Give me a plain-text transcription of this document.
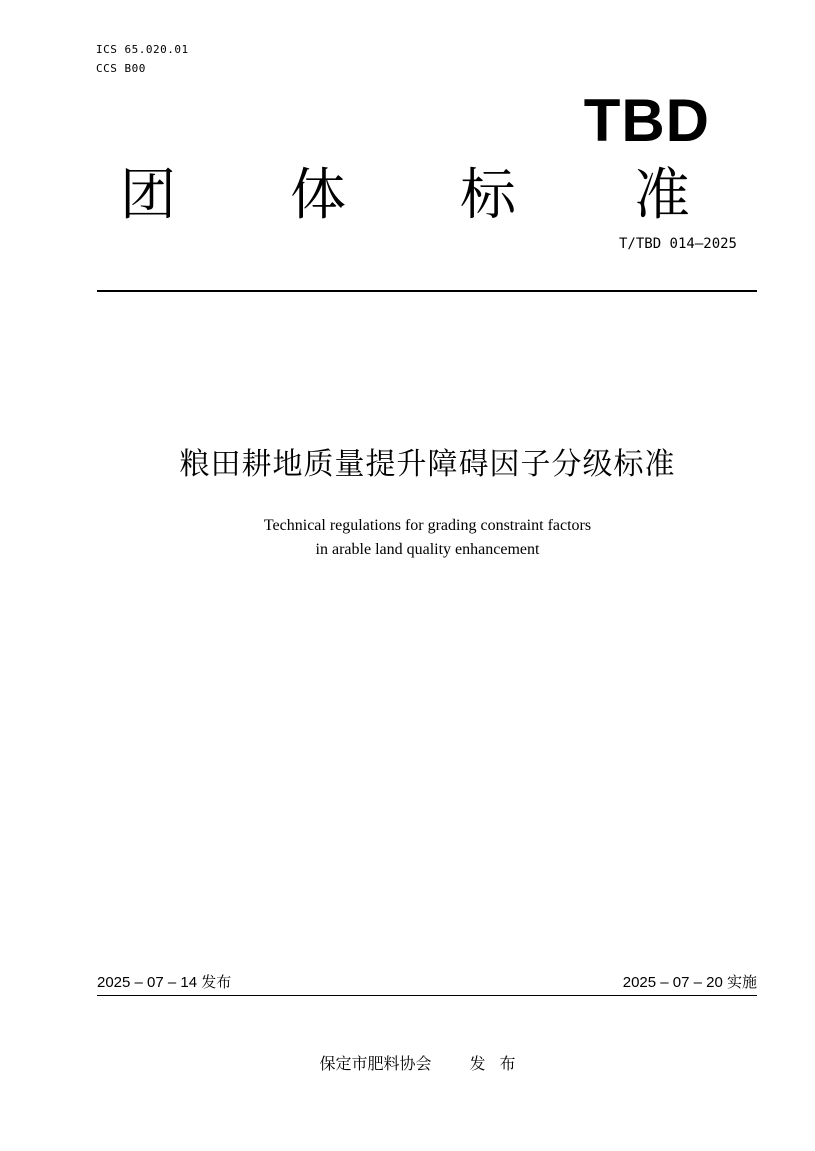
ICS 65.020.01
CCS B00
TBD
团 体 标 准
T/TBD 014—2025
粮田耕地质量提升障碍因子分级标准
Technical regulations for grading constraint factors
in arable land quality enhancement
2025 – 07 – 14 发布	2025 – 07 – 20 实施
保定市肥料协会 发 布
